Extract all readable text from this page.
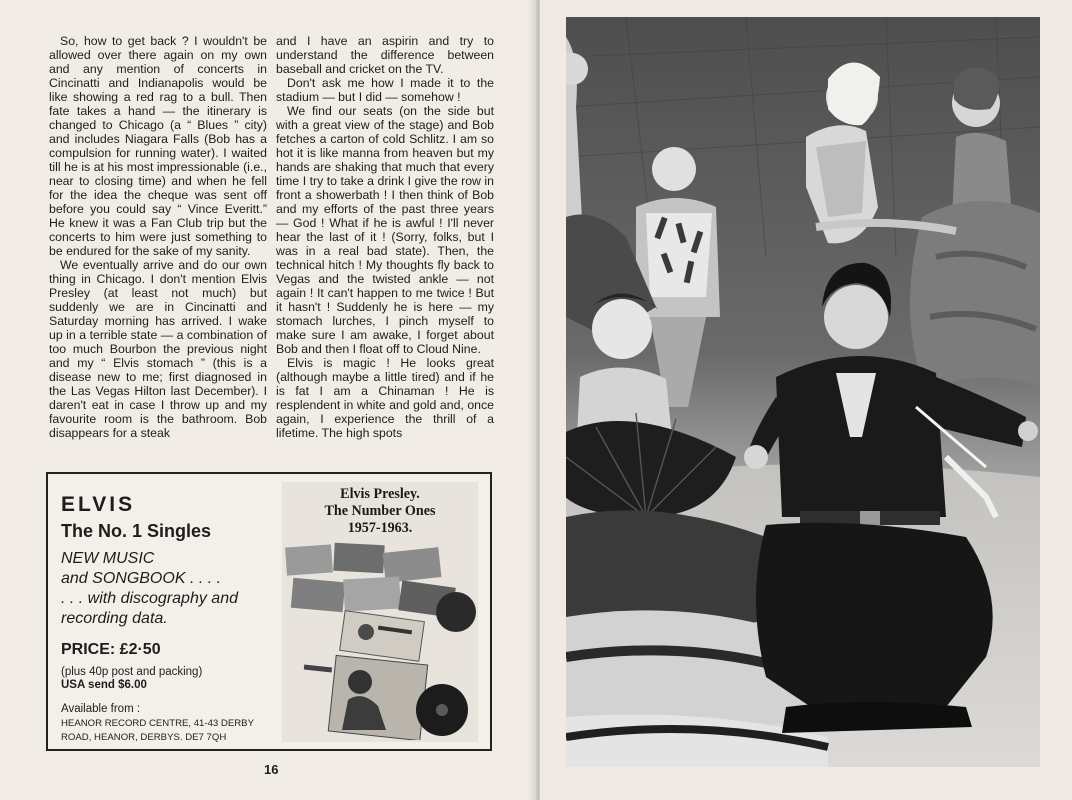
So, how to get back ? I wouldn't be allowed over there again on my own and any mention of concerts in Cincinatti and Indianapolis would be like showing a red rag to a bull. Then fate takes a hand — the itinerary is changed to Chicago (a “ Blues ” city) and includes Niagara Falls (Bob has a compulsion for running water). I waited till he is at his most impressionable (i.e., near to closing time) and when he fell for the idea the cheque was sent off before you could say “ Vince Everitt.” He knew it was a Fan Club trip but the concerts to him were just something to be endured for the sake of my sanity.

We eventually arrive and do our own thing in Chicago. I don't mention Elvis Presley (at least not much) but suddenly we are in Cincinatti and Saturday morning has arrived. I wake up in a terrible state — a combination of too much Bourbon the previous night and my “ Elvis stomach ” (this is a disease new to me; first diagnosed in the Las Vegas Hilton last December). I daren't eat in case I throw up and my favourite room is the bathroom. Bob disappears for a steak

and I have an aspirin and try to understand the difference between baseball and cricket on the TV.

Don't ask me how I made it to the stadium — but I did — somehow !

We find our seats (on the side but with a great view of the stage) and Bob fetches a carton of cold Schlitz. I am so hot it is like manna from heaven but my hands are shaking that much that every time I try to take a drink I give the row in front a showerbath ! I then think of Bob and my efforts of the past three years — God ! What if he is awful ! I'll never hear the last of it ! (Sorry, folks, but I was in a real bad state). Then, the technical hitch ! My thoughts fly back to Vegas and the twisted ankle — not again ! It can't happen to me twice ! But it hasn't ! Suddenly he is here — my stomach lurches, I pinch myself to make sure I am awake, I forget about Bob and then I float off to Cloud Nine.

Elvis is magic ! He looks great (although maybe a little tired) and if he is fat I am a Chinaman ! He is resplendent in white and gold and, once again, I experience the thrill of a lifetime. The high spots

ELVIS
The No. 1 Singles
NEW MUSIC
and SONGBOOK . . . .
. . . with discography and
recording data.
PRICE: £2·50
(plus 40p post and packing)
USA send $6.00
Available from :
HEANOR RECORD CENTRE, 41-43 DERBY
ROAD, HEANOR, DERBYS. DE7 7QH
Elvis Presley.
The Number Ones
1957-1963.
16
